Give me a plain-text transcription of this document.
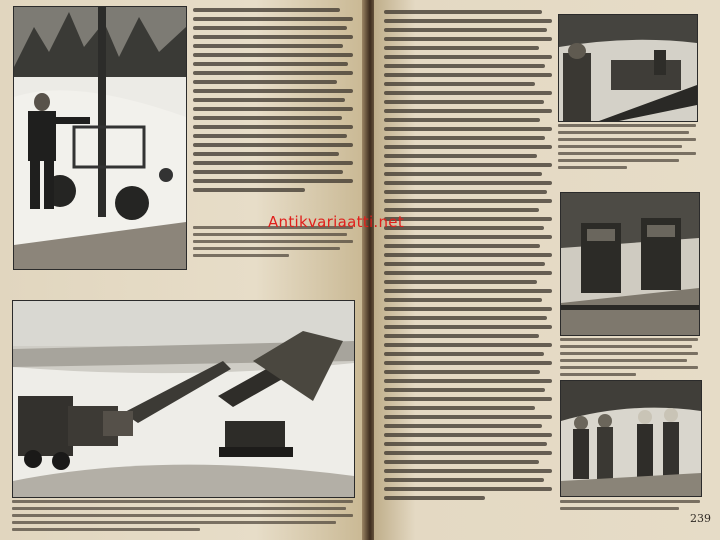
239
Antikvariaatti.net
